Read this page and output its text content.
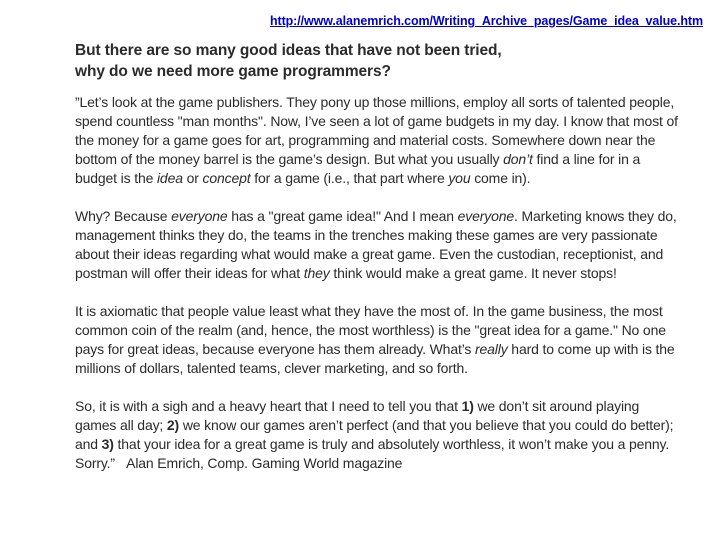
http://www.alanemrich.com/Writing_Archive_pages/Game_idea_value.htm
But there are so many good ideas that have not been tried,
why do we need more game programmers?

”Let’s look at the game publishers. They pony up those millions, employ all sorts of talented people, spend countless "man months". Now, I’ve seen a lot of game budgets in my day. I know that most of the money for a game goes for art, programming and material costs. Somewhere down near the bottom of the money barrel is the game’s design. But what you usually don’t find a line for in a budget is the idea or concept for a game (i.e., that part where you come in).

Why? Because everyone has a "great game idea!" And I mean everyone. Marketing knows they do, management thinks they do, the teams in the trenches making these games are very passionate about their ideas regarding what would make a great game. Even the custodian, receptionist, and postman will offer their ideas for what they think would make a great game. It never stops!

It is axiomatic that people value least what they have the most of. In the game business, the most common coin of the realm (and, hence, the most worthless) is the "great idea for a game." No one pays for great ideas, because everyone has them already. What’s really hard to come up with is the millions of dollars, talented teams, clever marketing, and so forth.

So, it is with a sigh and a heavy heart that I need to tell you that 1) we don’t sit around playing games all day; 2) we know our games aren’t perfect (and that you believe that you could do better); and 3) that your idea for a great game is truly and absolutely worthless, it won’t make you a penny. Sorry.”   Alan Emrich, Comp. Gaming World magazine
